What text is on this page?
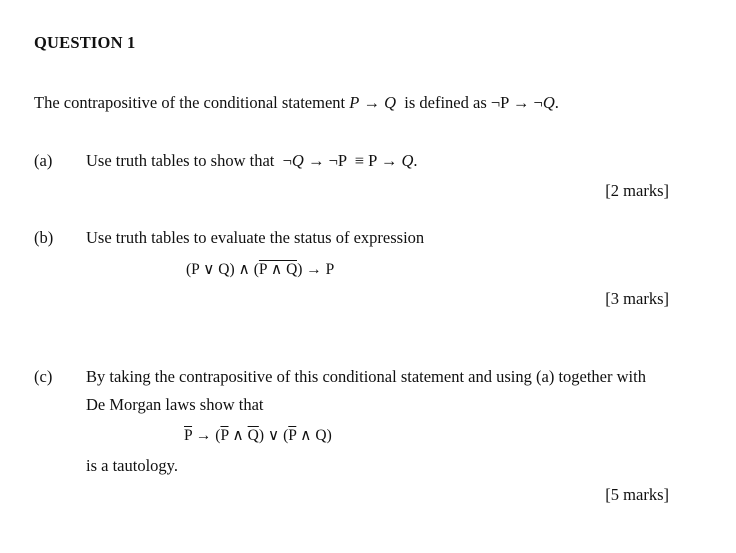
QUESTION 1
The contrapositive of the conditional statement P → Q  is defined as ¬P → ¬Q.
(a) Use truth tables to show that  ¬Q → ¬P  ≡ P → Q.
[2 marks]
(b) Use truth tables to evaluate the status of expression
(P ∨ Q) ∧ ($\overline{P}$ ∧ Q) → P
[3 marks]
(c) By taking the contrapositive of this conditional statement and using (a) together with
De Morgan laws show that
$\overline{P} \to (\overline{P}$ ∧ $\overline{Q}$) ∨ ($\overline{P}$ ∧ Q)
is a tautology.
[5 marks]
